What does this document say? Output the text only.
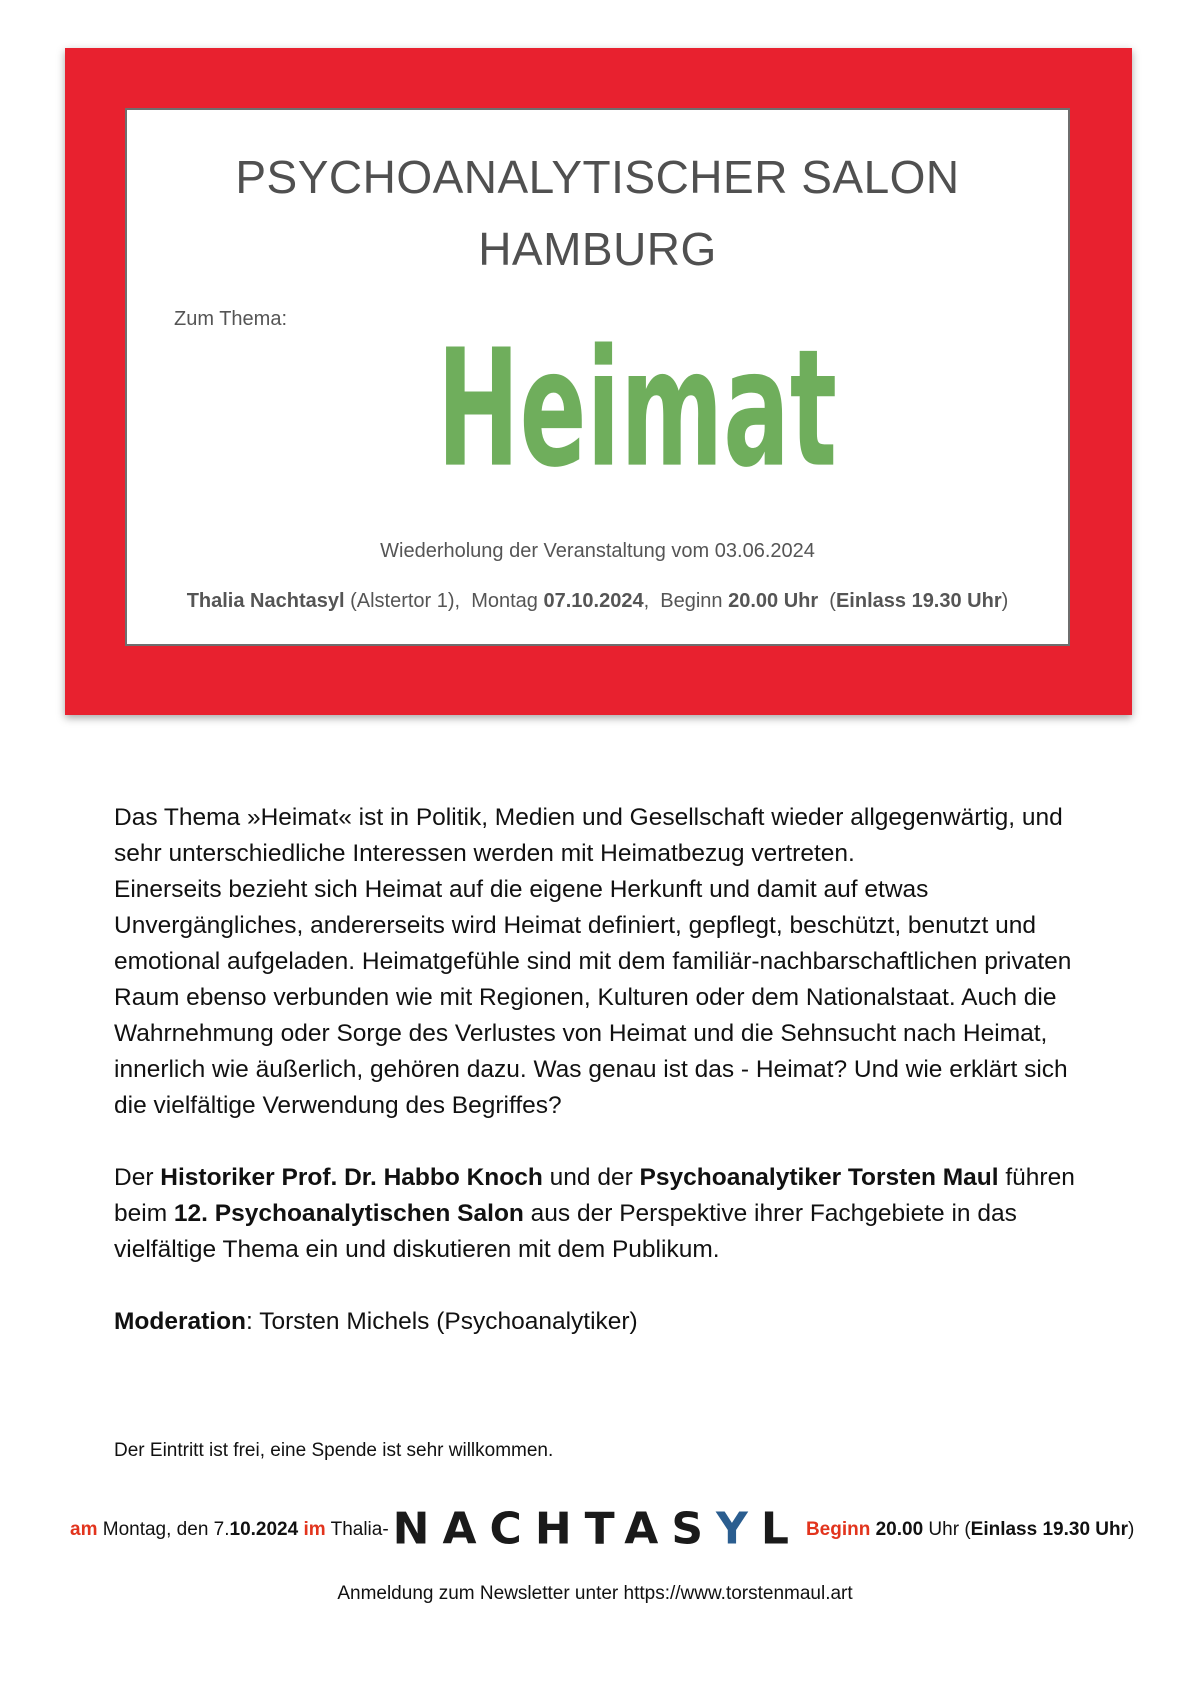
PSYCHOANALYTISCHER SALON
HAMBURG
Zum Thema: Heimat
Wiederholung der Veranstaltung vom 03.06.2024
Thalia Nachtasyl (Alstertor 1),  Montag 07.10.2024,  Beginn 20.00 Uhr  (Einlass 19.30 Uhr)

Das Thema »Heimat« ist in Politik, Medien und Gesellschaft wieder allgegenwärtig, und sehr unterschiedliche Interessen werden mit Heimatbezug vertreten.

Einerseits bezieht sich Heimat auf die eigene Herkunft und damit auf etwas Unvergängliches, andererseits wird Heimat definiert, gepflegt, beschützt, benutzt und emotional aufgeladen. Heimatgefühle sind mit dem familiär-nachbarschaftlichen privaten Raum ebenso verbunden wie mit Regionen, Kulturen oder dem Nationalstaat. Auch die Wahrnehmung oder Sorge des Verlustes von Heimat und die Sehnsucht nach Heimat, innerlich wie äußerlich, gehören dazu. Was genau ist das - Heimat? Und wie erklärt sich die vielfältige Verwendung des Begriffes?

Der Historiker Prof. Dr. Habbo Knoch und der Psychoanalytiker Torsten Maul führen beim 12. Psychoanalytischen Salon aus der Perspektive ihrer Fachgebiete in das vielfältige Thema ein und diskutieren mit dem Publikum.

Moderation: Torsten Michels (Psychoanalytiker)

Der Eintritt ist frei, eine Spende ist sehr willkommen.
am Montag, den 7.10.2024 im Thalia-NACHTASYL Beginn 20.00 Uhr (Einlass 19.30 Uhr)
Anmeldung zum Newsletter unter https://www.torstenmaul.art
